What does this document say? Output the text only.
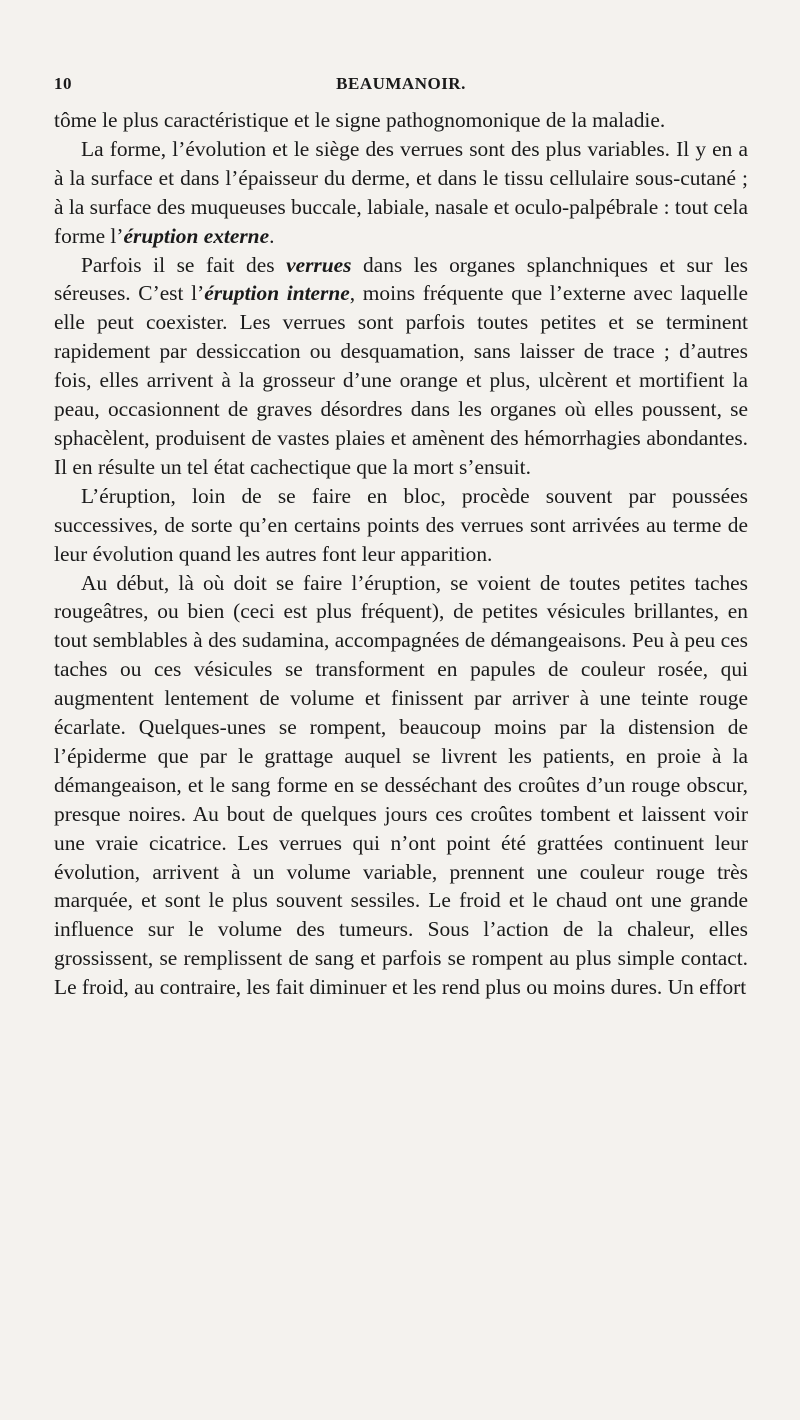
10	BEAUMANOIR.

tôme le plus caractéristique et le signe pathognomonique de la maladie.

La forme, l’évolution et le siège des verrues sont des plus variables. Il y en a à la surface et dans l’épaisseur du derme, et dans le tissu cellulaire sous-cutané ; à la surface des muqueuses buccale, labiale, nasale et oculo-palpébrale : tout cela forme l’éruption externe.

Parfois il se fait des verrues dans les organes splanchniques et sur les séreuses. C’est l’éruption interne, moins fréquente que l’externe avec laquelle elle peut coexister. Les verrues sont parfois toutes petites et se terminent rapidement par dessiccation ou desquamation, sans laisser de trace ; d’autres fois, elles arrivent à la grosseur d’une orange et plus, ulcèrent et mortifient la peau, occasionnent de graves désordres dans les organes où elles poussent, se sphacèlent, produisent de vastes plaies et amènent des hémorrhagies abondantes. Il en résulte un tel état cachectique que la mort s’ensuit.

L’éruption, loin de se faire en bloc, procède souvent par poussées successives, de sorte qu’en certains points des verrues sont arrivées au terme de leur évolution quand les autres font leur apparition.

Au début, là où doit se faire l’éruption, se voient de toutes petites taches rougeâtres, ou bien (ceci est plus fréquent), de petites vésicules brillantes, en tout semblables à des sudamina, accompagnées de démangeaisons. Peu à peu ces taches ou ces vésicules se transforment en papules de couleur rosée, qui augmentent lentement de volume et finissent par arriver à une teinte rouge écarlate. Quelques-unes se rompent, beaucoup moins par la distension de l’épiderme que par le grattage auquel se livrent les patients, en proie à la démangeaison, et le sang forme en se desséchant des croûtes d’un rouge obscur, presque noires. Au bout de quelques jours ces croûtes tombent et laissent voir une vraie cicatrice. Les verrues qui n’ont point été grattées continuent leur évolution, arrivent à un volume variable, prennent une couleur rouge très marquée, et sont le plus souvent sessiles. Le froid et le chaud ont une grande influence sur le volume des tumeurs. Sous l’action de la chaleur, elles grossissent, se remplissent de sang et parfois se rompent au plus simple contact. Le froid, au contraire, les fait diminuer et les rend plus ou moins dures. Un effort
